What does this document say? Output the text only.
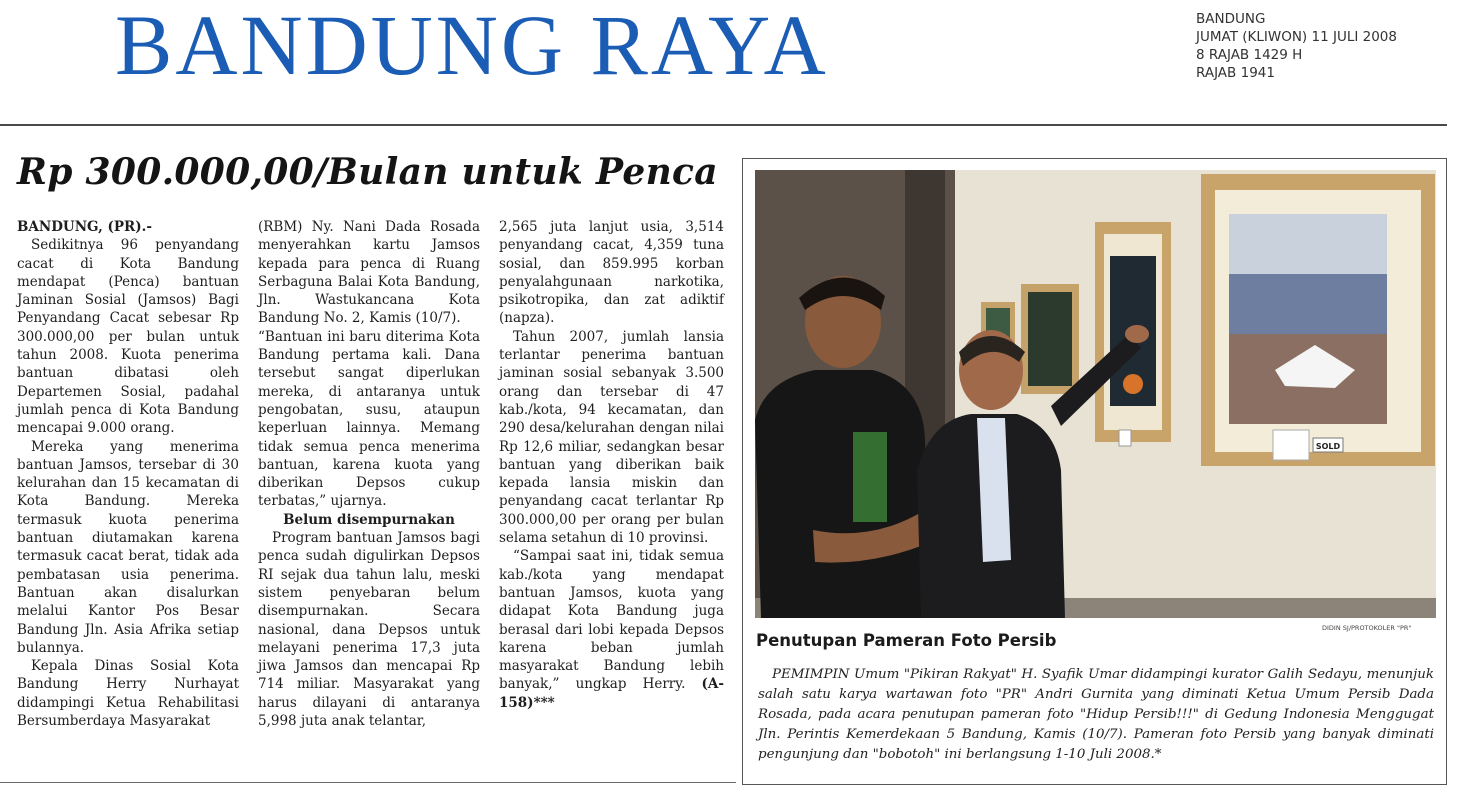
BANDUNG RAYA	BANDUNG
JUMAT (KLIWON) 11 JULI 2008
8 RAJAB 1429 H
RAJAB 1941
Rp 300.000,00/Bulan untuk Penca

BANDUNG, (PR).-

Sedikitnya 96 penyandang cacat di Kota Bandung mendapat (Penca) bantuan Jaminan Sosial (Jamsos) Bagi Penyandang Cacat sebesar Rp 300.000,00 per bulan untuk tahun 2008. Kuota penerima bantuan dibatasi oleh Departemen Sosial, padahal jumlah penca di Kota Bandung mencapai 9.000 orang.

Mereka yang menerima bantuan Jamsos, tersebar di 30 kelurahan dan 15 kecamatan di Kota Bandung. Mereka termasuk kuota penerima bantuan diutamakan karena termasuk cacat berat, tidak ada pembatasan usia penerima. Bantuan akan disalurkan melalui Kantor Pos Besar Bandung Jln. Asia Afrika setiap bulannya.

Kepala Dinas Sosial Kota Bandung Herry Nurhayat didampingi Ketua Rehabilitasi Bersumberdaya Masyarakat

(RBM) Ny. Nani Dada Rosada menyerahkan kartu Jamsos kepada para penca di Ruang Serbaguna Balai Kota Bandung, Jln. Wastukancana Kota Bandung No. 2, Kamis (10/7).

“Bantuan ini baru diterima Kota Bandung pertama kali. Dana tersebut sangat diperlukan mereka, di antaranya untuk pengobatan, susu, ataupun keperluan lainnya. Memang tidak semua penca menerima bantuan, karena kuota yang diberikan Depsos cukup terbatas,” ujarnya.

Belum disempurnakan

Program bantuan Jamsos bagi penca sudah digulirkan Depsos RI sejak dua tahun lalu, meski sistem penyebaran belum disempurnakan. Secara nasional, dana Depsos untuk melayani penerima 17,3 juta jiwa Jamsos dan mencapai Rp 714 miliar. Masyarakat yang harus dilayani di antaranya 5,998 juta anak telantar,

2,565 juta lanjut usia, 3,514 penyandang cacat, 4,359 tuna sosial, dan 859.995 korban penyalahgunaan narkotika, psikotropika, dan zat adiktif (napza).

Tahun 2007, jumlah lansia terlantar penerima bantuan jaminan sosial sebanyak 3.500 orang dan tersebar di 47 kab./kota, 94 kecamatan, dan 290 desa/kelurahan dengan nilai Rp 12,6 miliar, sedangkan besar bantuan yang diberikan baik kepada lansia miskin dan penyandang cacat terlantar Rp 300.000,00 per orang per bulan selama setahun di 10 provinsi.

“Sampai saat ini, tidak semua kab./kota yang mendapat bantuan Jamsos, kuota yang didapat Kota Bandung juga berasal dari lobi kepada Depsos karena beban jumlah masyarakat Bandung lebih banyak,” ungkap Herry. (A-158)***

SOLD
DIDIN SJ/PROTOKOLER "PR"
Penutupan Pameran Foto Persib

PEMIMPIN Umum "Pikiran Rakyat" H. Syafik Umar didampingi kurator Galih Sedayu, menunjuk salah satu karya wartawan foto "PR" Andri Gurnita yang diminati Ketua Umum Persib Dada Rosada, pada acara penutupan pameran foto "Hidup Persib!!!" di Gedung Indonesia Menggugat Jln. Perintis Kemerdekaan 5 Bandung, Kamis (10/7). Pameran foto Persib yang banyak diminati pengunjung dan "bobotoh" ini berlangsung 1-10 Juli 2008.*
